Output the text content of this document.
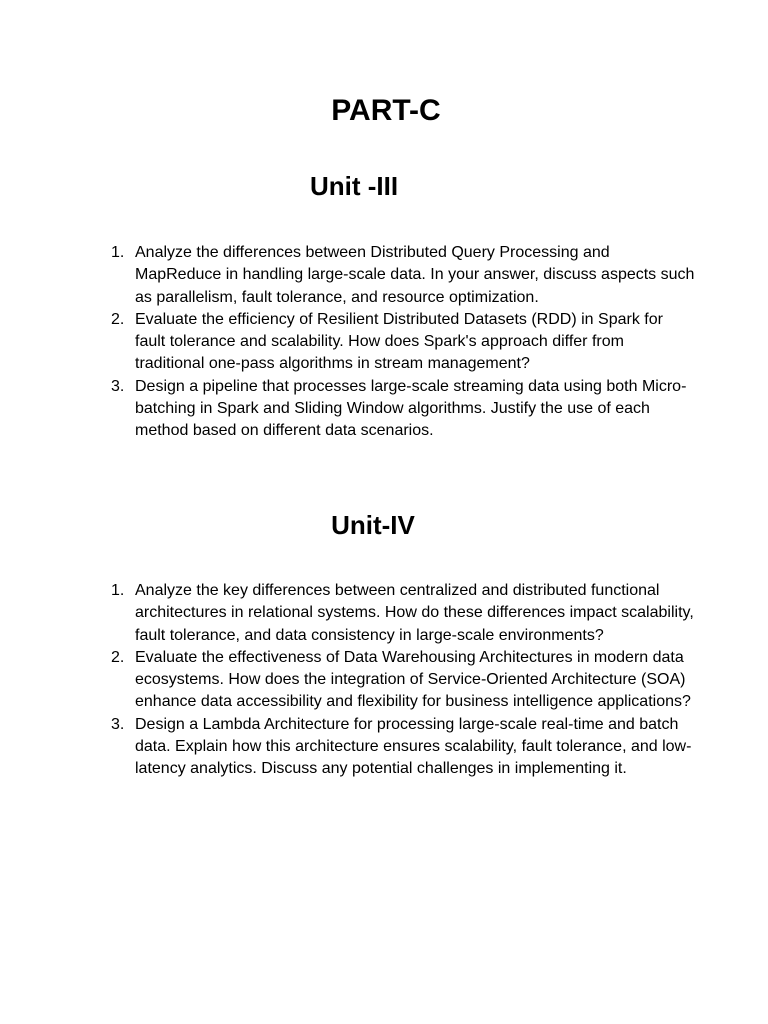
PART-C
Unit -III
1. Analyze the differences between Distributed Query Processing and MapReduce in handling large-scale data. In your answer, discuss aspects such as parallelism, fault tolerance, and resource optimization.
2. Evaluate the efficiency of Resilient Distributed Datasets (RDD) in Spark for fault tolerance and scalability. How does Spark's approach differ from traditional one-pass algorithms in stream management?
3. Design a pipeline that processes large-scale streaming data using both Micro-batching in Spark and Sliding Window algorithms. Justify the use of each method based on different data scenarios.
Unit-IV
1. Analyze the key differences between centralized and distributed functional architectures in relational systems. How do these differences impact scalability, fault tolerance, and data consistency in large-scale environments?
2. Evaluate the effectiveness of Data Warehousing Architectures in modern data ecosystems. How does the integration of Service-Oriented Architecture (SOA) enhance data accessibility and flexibility for business intelligence applications?
3. Design a Lambda Architecture for processing large-scale real-time and batch data. Explain how this architecture ensures scalability, fault tolerance, and low-latency analytics. Discuss any potential challenges in implementing it.
